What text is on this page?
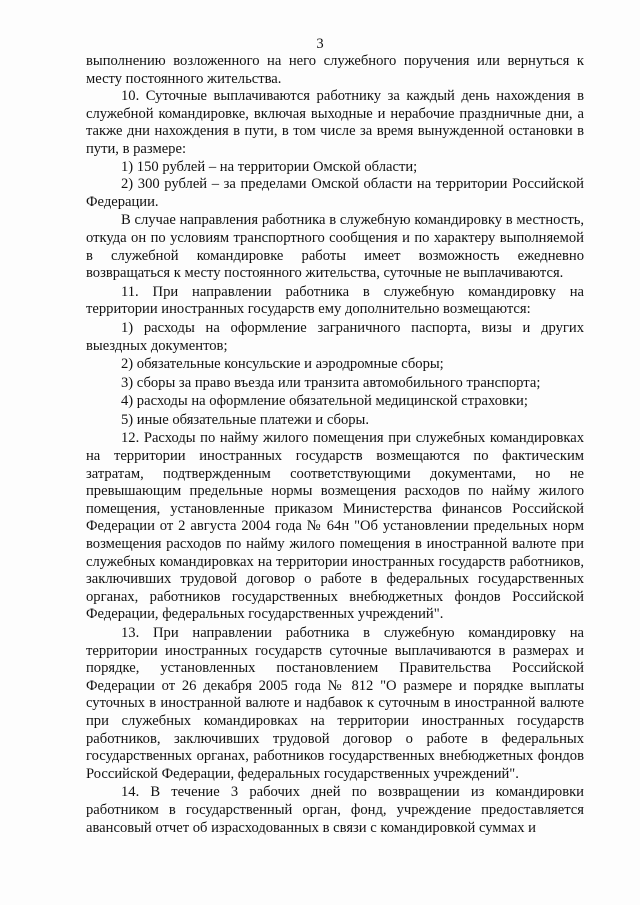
3

выполнению возложенного на него служебного поручения или вернуться к месту постоянного жительства.

10. Суточные выплачиваются работнику за каждый день нахождения в служебной командировке, включая выходные и нерабочие праздничные дни, а также дни нахождения в пути, в том числе за время вынужденной остановки в пути, в размере:

1) 150 рублей – на территории Омской области;

2) 300 рублей – за пределами Омской области на территории Российской Федерации.

В случае направления работника в служебную командировку в местность, откуда он по условиям транспортного сообщения и по характеру выполняемой в служебной командировке работы имеет возможность ежедневно возвращаться к месту постоянного жительства, суточные не выплачиваются.

11. При направлении работника в служебную командировку на территории иностранных государств ему дополнительно возмещаются:

1) расходы на оформление заграничного паспорта, визы и других выездных документов;

2) обязательные консульские и аэродромные сборы;

3) сборы за право въезда или транзита автомобильного транспорта;

4) расходы на оформление обязательной медицинской страховки;

5) иные обязательные платежи и сборы.

12. Расходы по найму жилого помещения при служебных командировках на территории иностранных государств возмещаются по фактическим затратам, подтвержденным соответствующими документами, но не превышающим предельные нормы возмещения расходов по найму жилого помещения, установленные приказом Министерства финансов Российской Федерации от 2 августа 2004 года № 64н "Об установлении предельных норм возмещения расходов по найму жилого помещения в иностранной валюте при служебных командировках на территории иностранных государств работников, заключивших трудовой договор о работе в федеральных государственных органах, работников государственных внебюджетных фондов Российской Федерации, федеральных государственных учреждений".

13. При направлении работника в служебную командировку на территории иностранных государств суточные выплачиваются в размерах и порядке, установленных постановлением Правительства Российской Федерации от 26 декабря 2005 года № 812 "О размере и порядке выплаты суточных в иностранной валюте и надбавок к суточным в иностранной валюте при служебных командировках на территории иностранных государств работников, заключивших трудовой договор о работе в федеральных государственных органах, работников государственных внебюджетных фондов Российской Федерации, федеральных государственных учреждений".

14. В течение 3 рабочих дней по возвращении из командировки работником в государственный орган, фонд, учреждение предоставляется авансовый отчет об израсходованных в связи с командировкой суммах и
